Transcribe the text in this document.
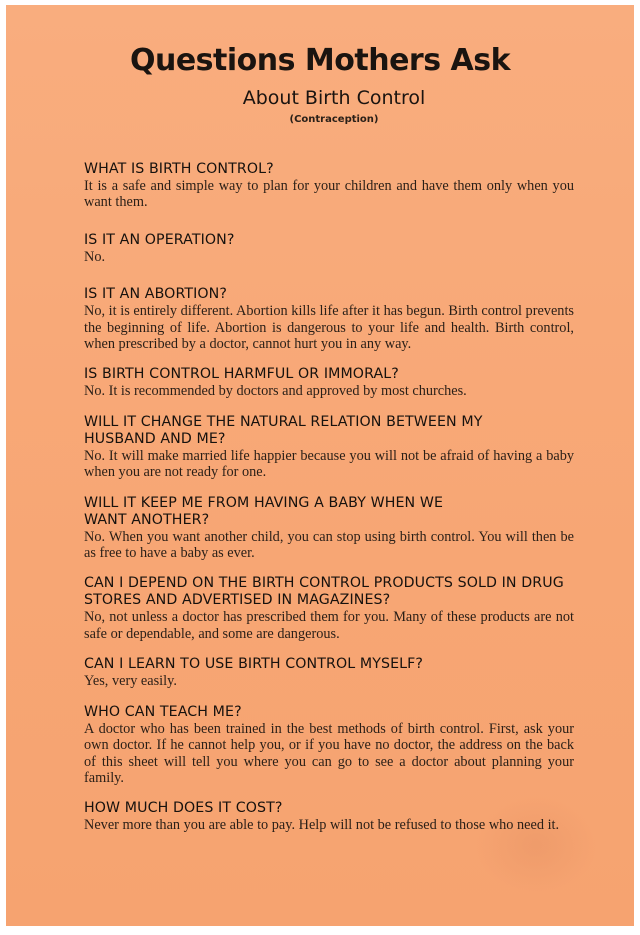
Questions Mothers Ask
About Birth Control
(Contraception)
WHAT IS BIRTH CONTROL?
It is a safe and simple way to plan for your children and have them only when you want them.
IS IT AN OPERATION?
No.
IS IT AN ABORTION?
No, it is entirely different. Abortion kills life after it has begun. Birth control prevents the beginning of life. Abortion is dangerous to your life and health. Birth control, when prescribed by a doctor, cannot hurt you in any way.
IS BIRTH CONTROL HARMFUL OR IMMORAL?
No. It is recommended by doctors and approved by most churches.
WILL IT CHANGE THE NATURAL RELATION BETWEEN MY HUSBAND AND ME?
No. It will make married life happier because you will not be afraid of having a baby when you are not ready for one.
WILL IT KEEP ME FROM HAVING A BABY WHEN WE WANT ANOTHER?
No. When you want another child, you can stop using birth control. You will then be as free to have a baby as ever.
CAN I DEPEND ON THE BIRTH CONTROL PRODUCTS SOLD IN DRUG STORES AND ADVERTISED IN MAGAZINES?
No, not unless a doctor has prescribed them for you. Many of these products are not safe or dependable, and some are dangerous.
CAN I LEARN TO USE BIRTH CONTROL MYSELF?
Yes, very easily.
WHO CAN TEACH ME?
A doctor who has been trained in the best methods of birth control. First, ask your own doctor. If he cannot help you, or if you have no doctor, the address on the back of this sheet will tell you where you can go to see a doctor about planning your family.
HOW MUCH DOES IT COST?
Never more than you are able to pay. Help will not be refused to those who need it.
